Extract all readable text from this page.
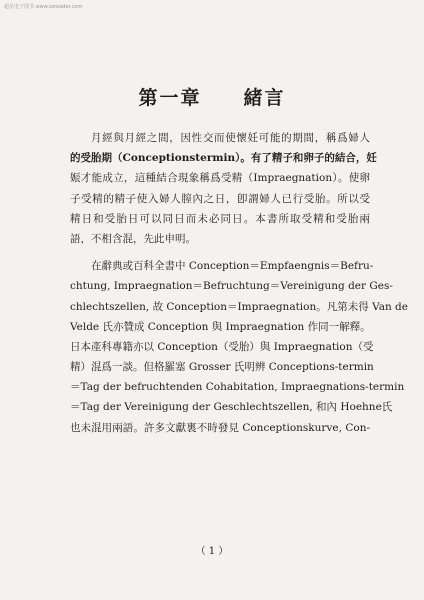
超星电子图书 www.ssreader.com
第一章   緒言
月經與月經之間，因性交而使懷妊可能的期間，稱爲婦人
的受胎期（Conceptionstermin）。有了精子和卵子的結合，妊
娠才能成立，這種結合現象稱爲受精（Impraegnation）。使卵
子受精的精子使入婦人膣內之日，卽謂婦人已行受胎。所以受
精日和受胎日可以同日而未必同日。本書所取受精和受胎兩
語，不相含混，先此申明。
在辭典或百科全書中 Conception＝Empfaengnis＝Befru-
chtung, Impraegnation＝Befruchtung＝Vereinigung der Ges-
chlechtszellen, 故 Conception＝Impraegnation。凡第未得 Van de
Velde 氏亦贊成 Conception 與 Impraegnation 作同一解釋。
日本產科專籍亦以 Conception（受胎）與 Impraegnation（受
精）混爲一談。但格羅塞 Grosser 氏明辨 Conceptions-termin
＝Tag der befruchtenden Cohabitation, Impraegnations-termin
＝Tag der Vereinigung der Geschlechtszellen, 和內 Hoehne氏
也未混用兩語。許多文獻裏不時發見 Conceptionskurve, Con-
（ 1 ）
